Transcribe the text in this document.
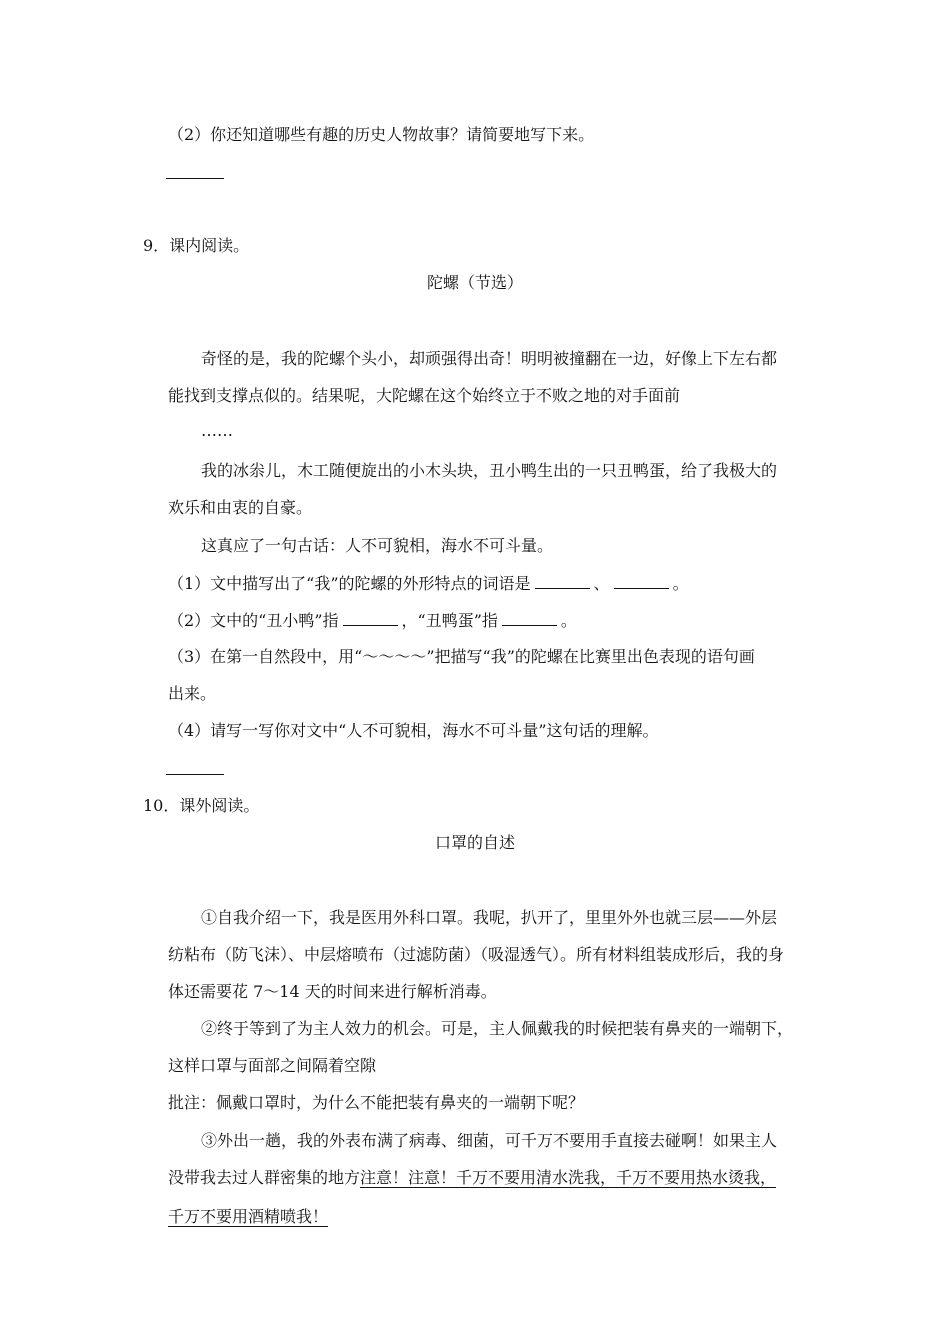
（2）你还知道哪些有趣的历史人物故事？请简要地写下来。
9．课内阅读。
陀螺（节选）
奇怪的是，我的陀螺个头小，却顽强得出奇！明明被撞翻在一边，好像上下左右都
能找到支撑点似的。结果呢，大陀螺在这个始终立于不败之地的对手面前
……
我的冰尜儿，木工随便旋出的小木头块，丑小鸭生出的一只丑鸭蛋，给了我极大的
欢乐和由衷的自豪。
这真应了一句古话：人不可貌相，海水不可斗量。
（1）文中描写出了“我”的陀螺的外形特点的词语是	、	。
（2）文中的“丑小鸭”指	，“丑鸭蛋”指	。
（3）在第一自然段中，用“～～～～”把描写“我”的陀螺在比赛里出色表现的语句画
出来。
（4）请写一写你对文中“人不可貌相，海水不可斗量”这句话的理解。
10．课外阅读。
口罩的自述
①自我介绍一下，我是医用外科口罩。我呢，扒开了，里里外外也就三层——外层
纺粘布（防飞沫）、中层熔喷布（过滤防菌）（吸湿透气）。所有材料组装成形后，我的身
体还需要花 7～14 天的时间来进行解析消毒。
②终于等到了为主人效力的机会。可是，主人佩戴我的时候把装有鼻夹的一端朝下，
这样口罩与面部之间隔着空隙
批注：佩戴口罩时，为什么不能把装有鼻夹的一端朝下呢？
③外出一趟，我的外表布满了病毒、细菌，可千万不要用手直接去碰啊！如果主人
没带我去过人群密集的地方注意！注意！千万不要用清水洗我，千万不要用热水烫我，
千万不要用酒精喷我！
